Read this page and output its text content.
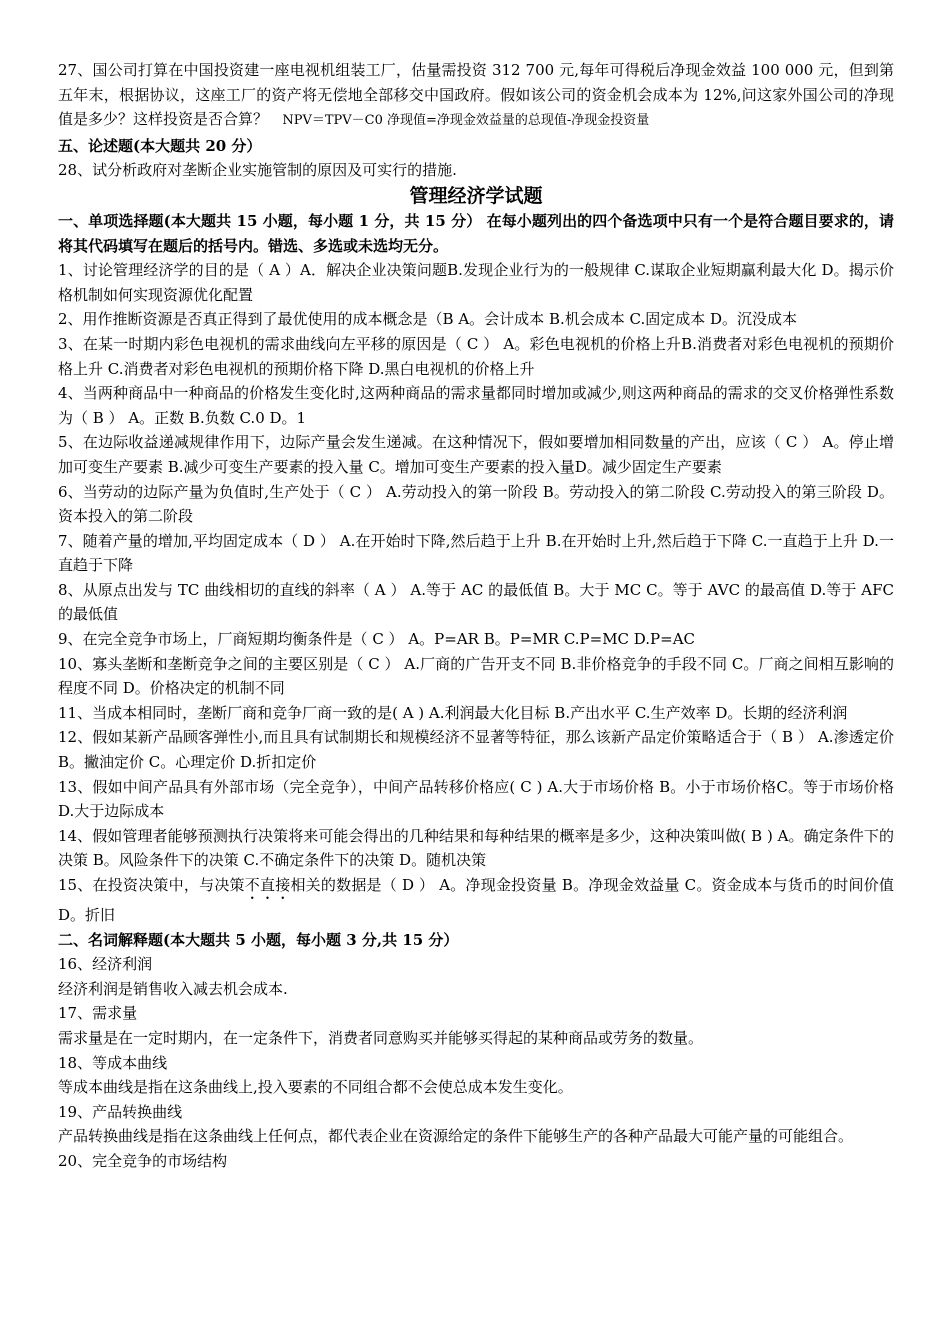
27、国公司打算在中国投资建一座电视机组装工厂，估量需投资 312 700 元,每年可得税后净现金效益 100 000 元，但到第五年末，根据协议，这座工厂的资产将无偿地全部移交中国政府。假如该公司的资金机会成本为 12%,问这家外国公司的净现值是多少？这样投资是否合算？ NPV＝TPV－C0 净现值=净现金效益量的总现值-净现金投资量

五、论述题(本大题共 20 分）

28、试分析政府对垄断企业实施管制的原因及可实行的措施.

管理经济学试题

一、单项选择题(本大题共 15 小题，每小题 1 分，共 15 分） 在每小题列出的四个备选项中只有一个是符合题目要求的，请将其代码填写在题后的括号内。错选、多选或未选均无分。

1、讨论管理经济学的目的是（ A ）A．解决企业决策问题B.发现企业行为的一般规律 C.谋取企业短期赢利最大化 D。揭示价格机制如何实现资源优化配置

2、用作推断资源是否真正得到了最优使用的成本概念是（B A。会计成本 B.机会成本 C.固定成本 D。沉没成本

3、在某一时期内彩色电视机的需求曲线向左平移的原因是（ C ） A。彩色电视机的价格上升B.消费者对彩色电视机的预期价格上升 C.消费者对彩色电视机的预期价格下降 D.黑白电视机的价格上升

4、当两种商品中一种商品的价格发生变化时,这两种商品的需求量都同时增加或减少,则这两种商品的需求的交叉价格弹性系数为（ B ） A。正数 B.负数 C.0 D。1

5、在边际收益递减规律作用下，边际产量会发生递减。在这种情况下，假如要增加相同数量的产出，应该（ C ） A。停止增加可变生产要素 B.减少可变生产要素的投入量 C。增加可变生产要素的投入量D。减少固定生产要素

6、当劳动的边际产量为负值时,生产处于（ C ） A.劳动投入的第一阶段 B。劳动投入的第二阶段 C.劳动投入的第三阶段 D。资本投入的第二阶段

7、随着产量的增加,平均固定成本（ D ） A.在开始时下降,然后趋于上升 B.在开始时上升,然后趋于下降 C.一直趋于上升 D.一直趋于下降

8、从原点出发与 TC 曲线相切的直线的斜率（ A ） A.等于 AC 的最低值 B。大于 MC C。等于 AVC 的最高值 D.等于 AFC 的最低值

9、在完全竞争市场上，厂商短期均衡条件是（ C ） A。P=AR B。P=MR C.P=MC D.P=AC

10、寡头垄断和垄断竞争之间的主要区别是（ C ） A.厂商的广告开支不同 B.非价格竞争的手段不同 C。厂商之间相互影响的程度不同 D。价格决定的机制不同

11、当成本相同时，垄断厂商和竞争厂商一致的是( A ) A.利润最大化目标 B.产出水平 C.生产效率 D。长期的经济利润

12、假如某新产品顾客弹性小,而且具有试制期长和规模经济不显著等特征，那么该新产品定价策略适合于（ B ） A.渗透定价 B。撇油定价 C。心理定价 D.折扣定价

13、假如中间产品具有外部市场（完全竞争），中间产品转移价格应( C ) A.大于市场价格 B。小于市场价格C。等于市场价格 D.大于边际成本

14、假如管理者能够预测执行决策将来可能会得出的几种结果和每种结果的概率是多少，这种决策叫做( B ) A。确定条件下的决策 B。风险条件下的决策 C.不确定条件下的决策 D。随机决策

15、在投资决策中，与决策不直接相关的数据是（ D ） A。净现金投资量 B。净现金效益量 C。资金成本与货币的时间价值 D。折旧

二、名词解释题(本大题共 5 小题，每小题 3 分,共 15 分）

16、经济利润

经济利润是销售收入减去机会成本.

17、需求量

需求量是在一定时期内，在一定条件下，消费者同意购买并能够买得起的某种商品或劳务的数量。

18、等成本曲线

等成本曲线是指在这条曲线上,投入要素的不同组合都不会使总成本发生变化。

19、产品转换曲线

产品转换曲线是指在这条曲线上任何点，都代表企业在资源给定的条件下能够生产的各种产品最大可能产量的可能组合。

20、完全竞争的市场结构
